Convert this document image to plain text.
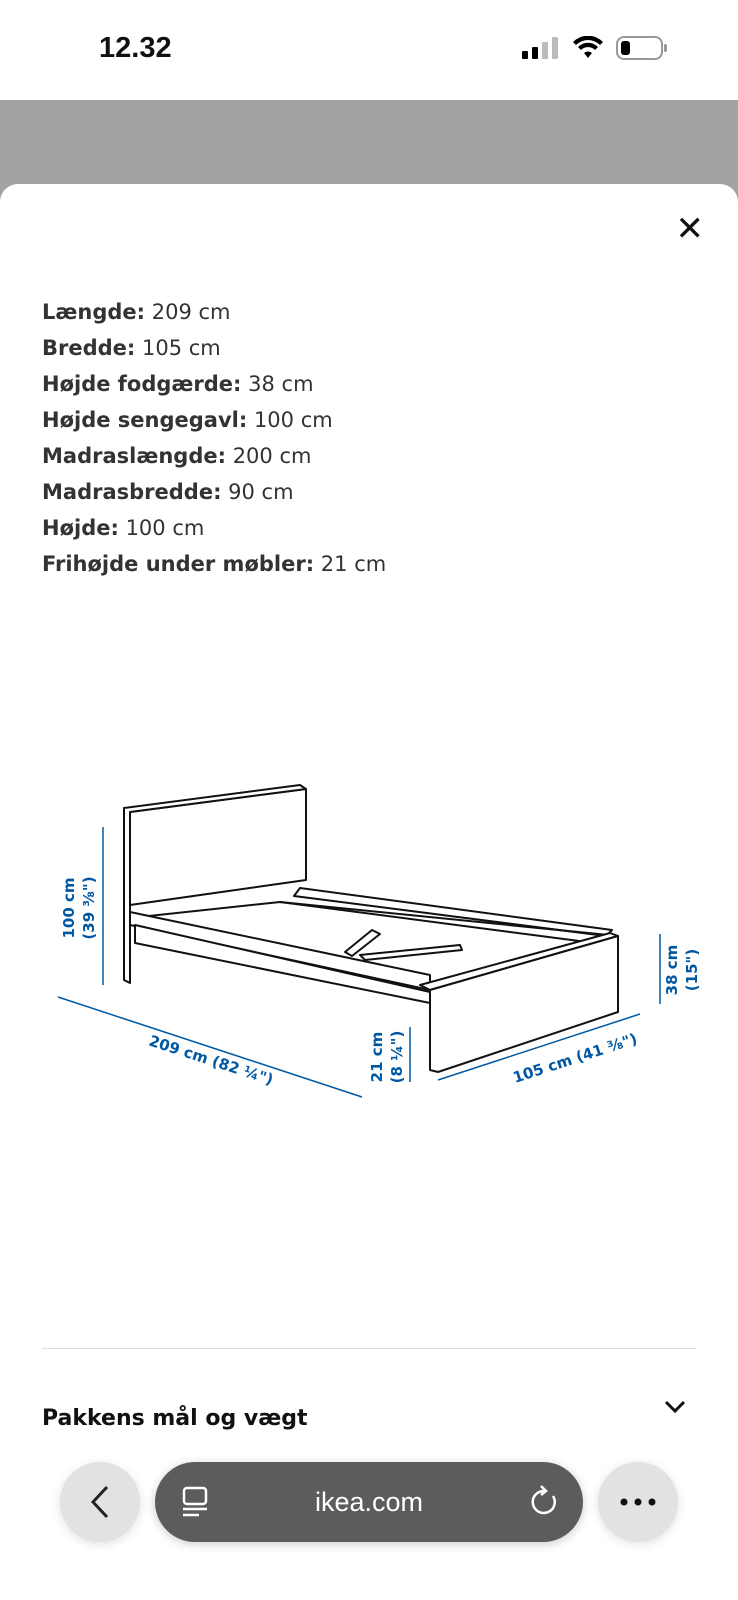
12.32
✕
Længde: 209 cm
Bredde: 105 cm
Højde fodgærde: 38 cm
Højde sengegavl: 100 cm
Madraslængde: 200 cm
Madrasbredde: 90 cm
Højde: 100 cm
Frihøjde under møbler: 21 cm
100 cm (39 ⅜")
209 cm (82 ¼")	21 cm (8 ¼")	105 cm (41 ⅜")
38 cm (15")
Pakkens mål og vægt
ikea.com
